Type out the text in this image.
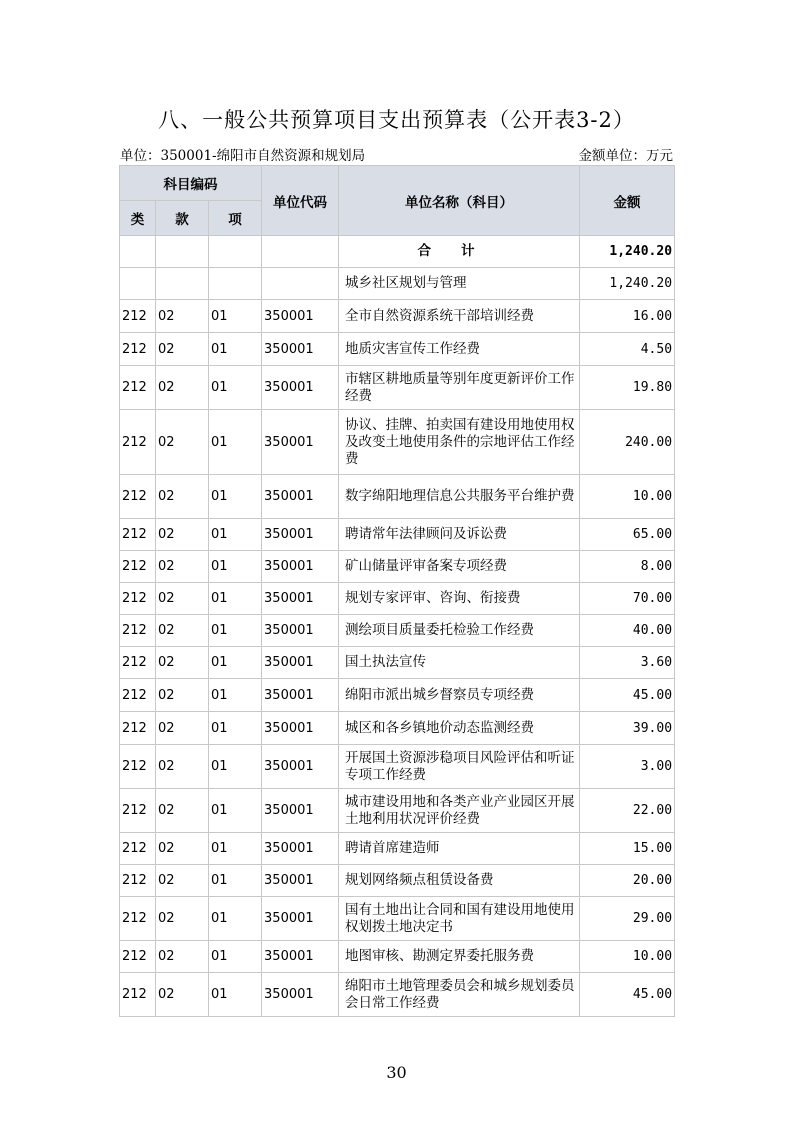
八、一般公共预算项目支出预算表（公开表3-2）
单位：350001-绵阳市自然资源和规划局	金额单位：万元
科目编码			单位代码	单位名称（科目）	金额
类	款	项			
				合计	1,240.20
				城乡社区规划与管理	1,240.20
212	02	01	350001	全市自然资源系统干部培训经费	16.00
212	02	01	350001	地质灾害宣传工作经费	4.50
212	02	01	350001	市辖区耕地质量等别年度更新评价工作经费	19.80
212	02	01	350001	协议、挂牌、拍卖国有建设用地使用权及改变土地使用条件的宗地评估工作经费	240.00
212	02	01	350001	数字绵阳地理信息公共服务平台维护费	10.00
212	02	01	350001	聘请常年法律顾问及诉讼费	65.00
212	02	01	350001	矿山储量评审备案专项经费	8.00
212	02	01	350001	规划专家评审、咨询、衔接费	70.00
212	02	01	350001	测绘项目质量委托检验工作经费	40.00
212	02	01	350001	国土执法宣传	3.60
212	02	01	350001	绵阳市派出城乡督察员专项经费	45.00
212	02	01	350001	城区和各乡镇地价动态监测经费	39.00
212	02	01	350001	开展国土资源涉稳项目风险评估和听证专项工作经费	3.00
212	02	01	350001	城市建设用地和各类产业产业园区开展土地利用状况评价经费	22.00
212	02	01	350001	聘请首席建造师	15.00
212	02	01	350001	规划网络频点租赁设备费	20.00
212	02	01	350001	国有土地出让合同和国有建设用地使用权划拨土地决定书	29.00
212	02	01	350001	地图审核、勘测定界委托服务费	10.00
212	02	01	350001	绵阳市土地管理委员会和城乡规划委员会日常工作经费	45.00
30
